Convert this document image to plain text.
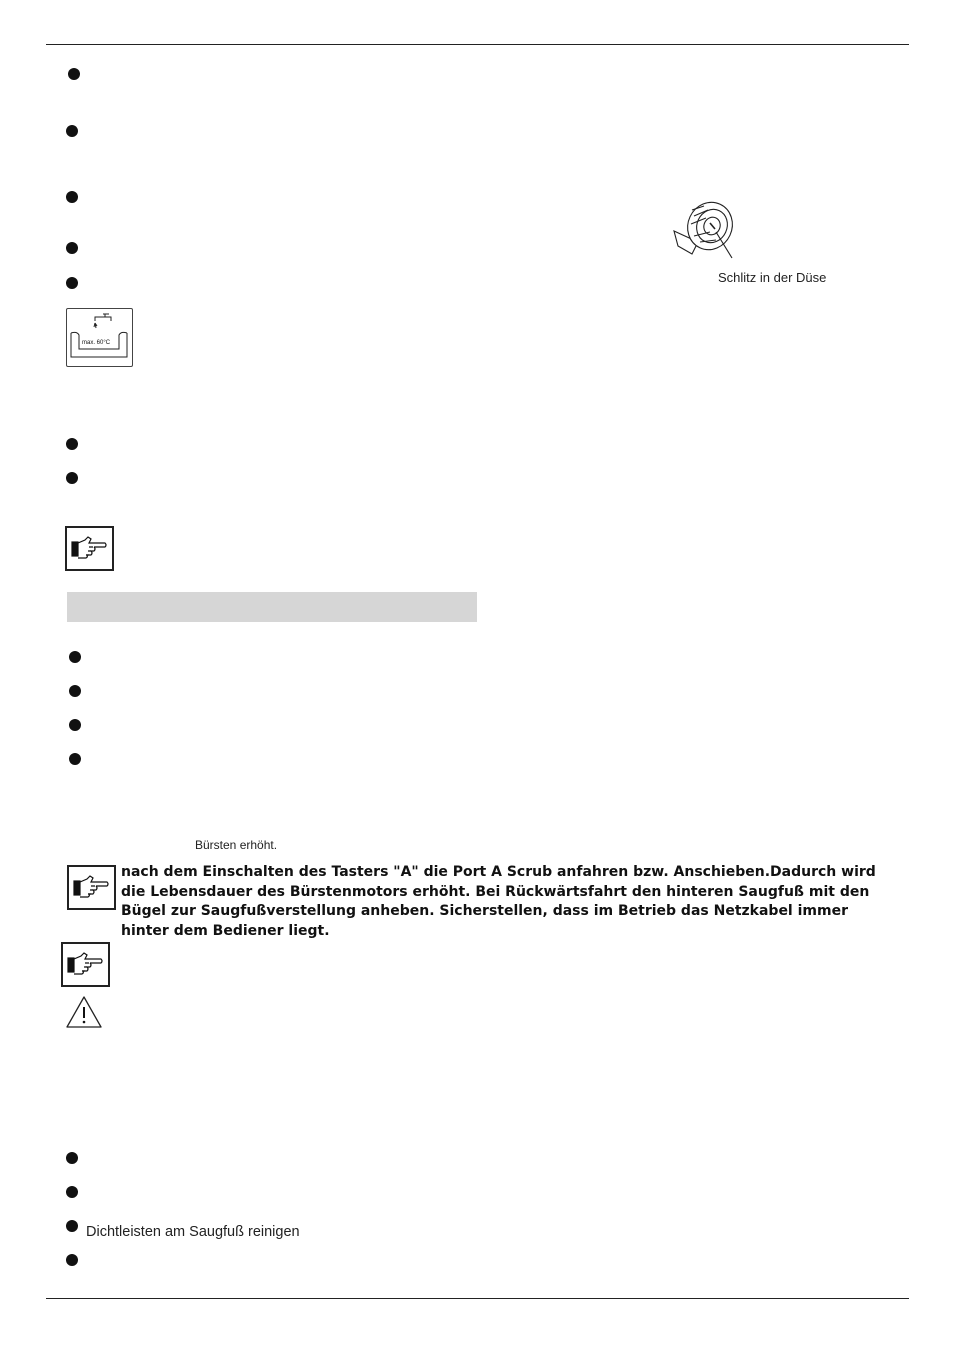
Schlitz in der Düse
max. 60°C
Bürsten erhöht.
nach dem Einschalten des Tasters "A" die Port A Scrub anfahren bzw. Anschieben.Dadurch wird die Lebensdauer des Bürstenmotors erhöht. Bei Rückwärtsfahrt den hinteren Saugfuß mit den Bügel zur Saugfußverstellung anheben. Sicherstellen, dass im Betrieb das Netzkabel immer hinter dem Bediener liegt.
Dichtleisten am Saugfuß reinigen
